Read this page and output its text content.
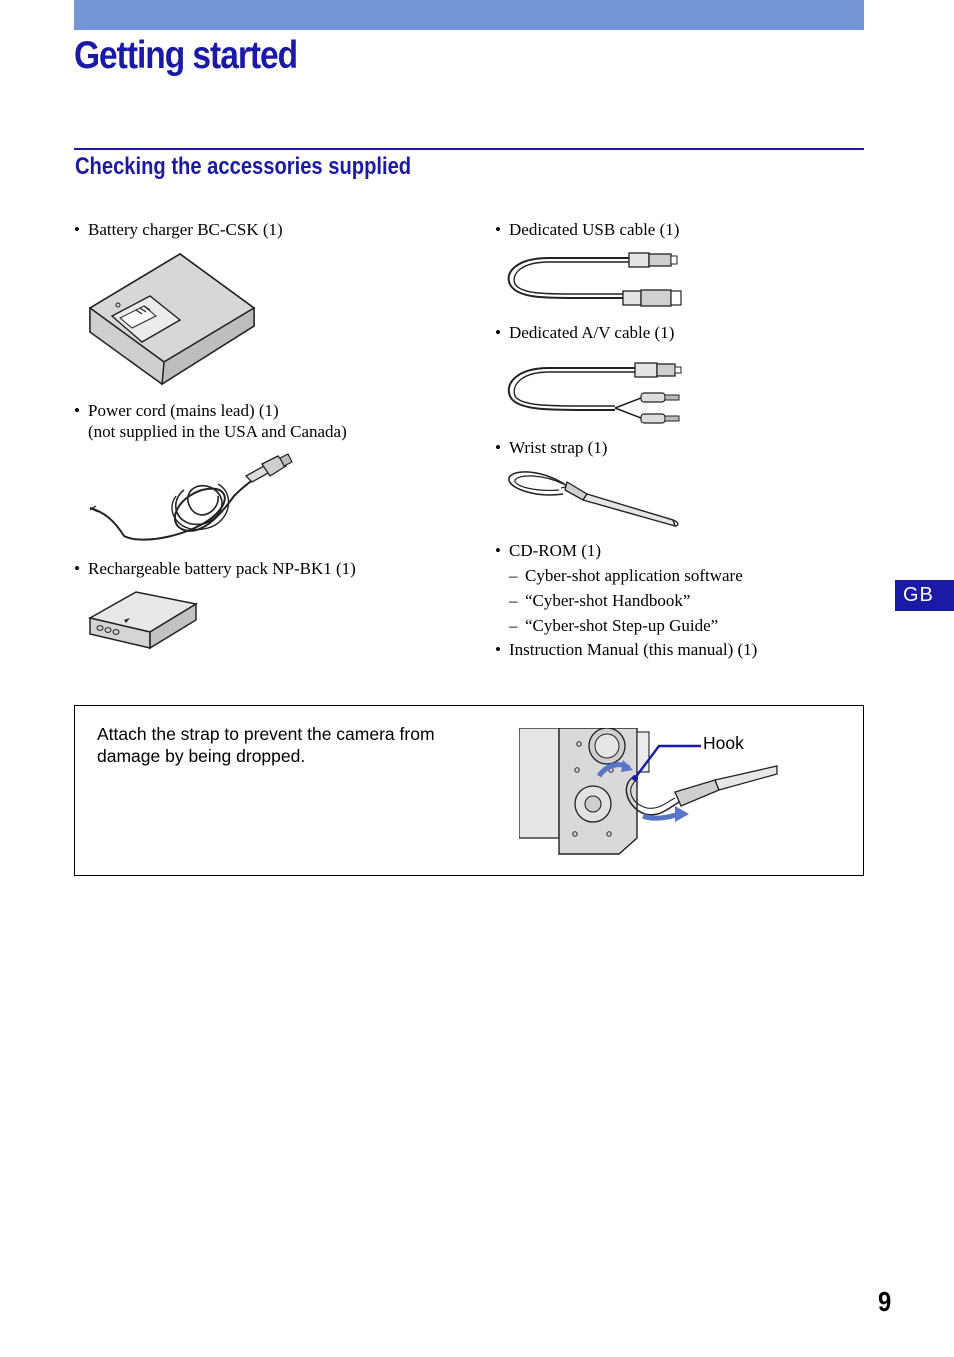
Getting started
Checking the accessories supplied
• Battery charger BC-CSK (1)
• Power cord (mains lead) (1)
(not supplied in the USA and Canada)
• Rechargeable battery pack NP-BK1 (1)
• Dedicated USB cable (1)
• Dedicated A/V cable (1)
• Wrist strap (1)
• CD-ROM (1)
– Cyber-shot application software
– “Cyber-shot Handbook”
– “Cyber-shot Step-up Guide”
• Instruction Manual (this manual) (1)
GB
Attach the strap to prevent the camera from damage by being dropped.
Hook
9
